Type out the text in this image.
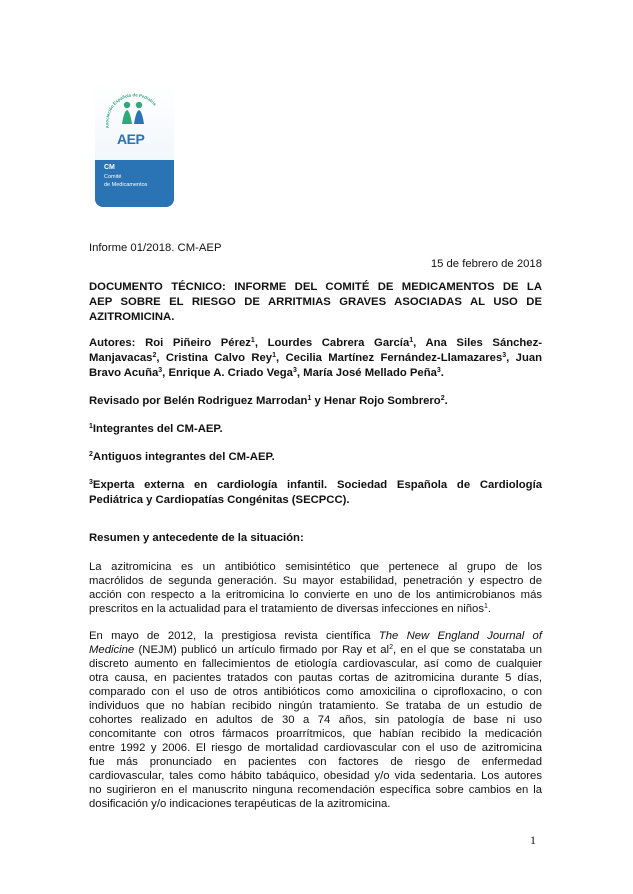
Asociación Española de Pediatría
AEP
CM
Comité
de Medicamentos

Informe 01/2018. CM-AEP

15 de febrero de 2018

DOCUMENTO TÉCNICO: INFORME DEL COMITÉ DE MEDICAMENTOS DE LA

AEP SOBRE EL RIESGO DE ARRITMIAS GRAVES ASOCIADAS AL USO DE

AZITROMICINA.

Autores: Roi Piñeiro Pérez$^1$, Lourdes Cabrera García$^1$, Ana Siles Sánchez-

Manjavacas$^2$, Cristina Calvo Rey$^1$, Cecilia Martínez Fernández-Llamazares$^3$, Juan

Bravo Acuña$^3$, Enrique A. Criado Vega$^3$, María José Mellado Peña$^3$.

Revisado por Belén Rodriguez Marrodan$^1$ y Henar Rojo Sombrero$^2$.

$^1$Integrantes del CM-AEP.

$^2$Antiguos integrantes del CM-AEP.

$^3$Experta externa en cardiología infantil. Sociedad Española de Cardiología

Pediátrica y Cardiopatías Congénitas (SECPCC).

Resumen y antecedente de la situación:

La azitromicina es un antibiótico semisintético que pertenece al grupo de los

macrólidos de segunda generación. Su mayor estabilidad, penetración y espectro de

acción con respecto a la eritromicina lo convierte en uno de los antimicrobianos más

prescritos en la actualidad para el tratamiento de diversas infecciones en niños$^1$.

En mayo de 2012, la prestigiosa revista científica The New England Journal of

Medicine (NEJM) publicó un artículo firmado por Ray et $al^2$, en el que se constataba un

discreto aumento en fallecimientos de etiología cardiovascular, así como de cualquier

otra causa, en pacientes tratados con pautas cortas de azitromicina durante 5 días,

comparado con el uso de otros antibióticos como amoxicilina o ciprofloxacino, o con

individuos que no habían recibido ningún tratamiento. Se trataba de un estudio de

cohortes realizado en adultos de 30 a 74 años, sin patología de base ni uso

concomitante con otros fármacos proarrítmicos, que habían recibido la medicación

entre 1992 y 2006. El riesgo de mortalidad cardiovascular con el uso de azitromicina

fue más pronunciado en pacientes con factores de riesgo de enfermedad

cardiovascular, tales como hábito tabáquico, obesidad y/o vida sedentaria. Los autores

no sugirieron en el manuscrito ninguna recomendación específica sobre cambios en la

dosificación y/o indicaciones terapéuticas de la azitromicina.

1
